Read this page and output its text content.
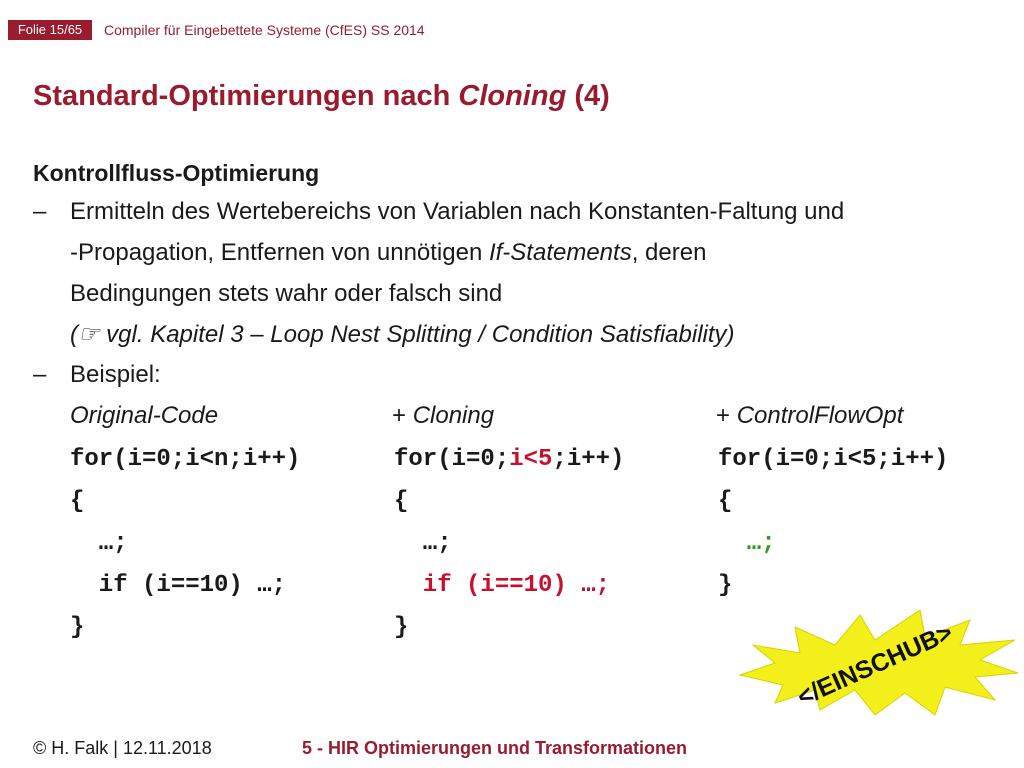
Folie 15/65	Compiler für Eingebettete Systeme (CfES) SS 2014
Standard-Optimierungen nach Cloning (4)
Kontrollfluss-Optimierung
– Ermitteln des Wertebereichs von Variablen nach Konstanten-Faltung und
-Propagation, Entfernen von unnötigen If-Statements, deren
Bedingungen stets wahr oder falsch sind
(☞ vgl. Kapitel 3 – Loop Nest Splitting / Condition Satisfiability)
– Beispiel:
Original-Code
for(i=0;i<n;i++)
{
…;
if (i==10) …;
}
+ Cloning
for(i=0;i<5;i++)
{
…;
if (i==10) …;
}
+ ControlFlowOpt
for(i=0;i<5;i++)
{
…;
}
</EINSCHUB>
© H. Falk | 12.11.2018	5 - HIR Optimierungen und Transformationen
